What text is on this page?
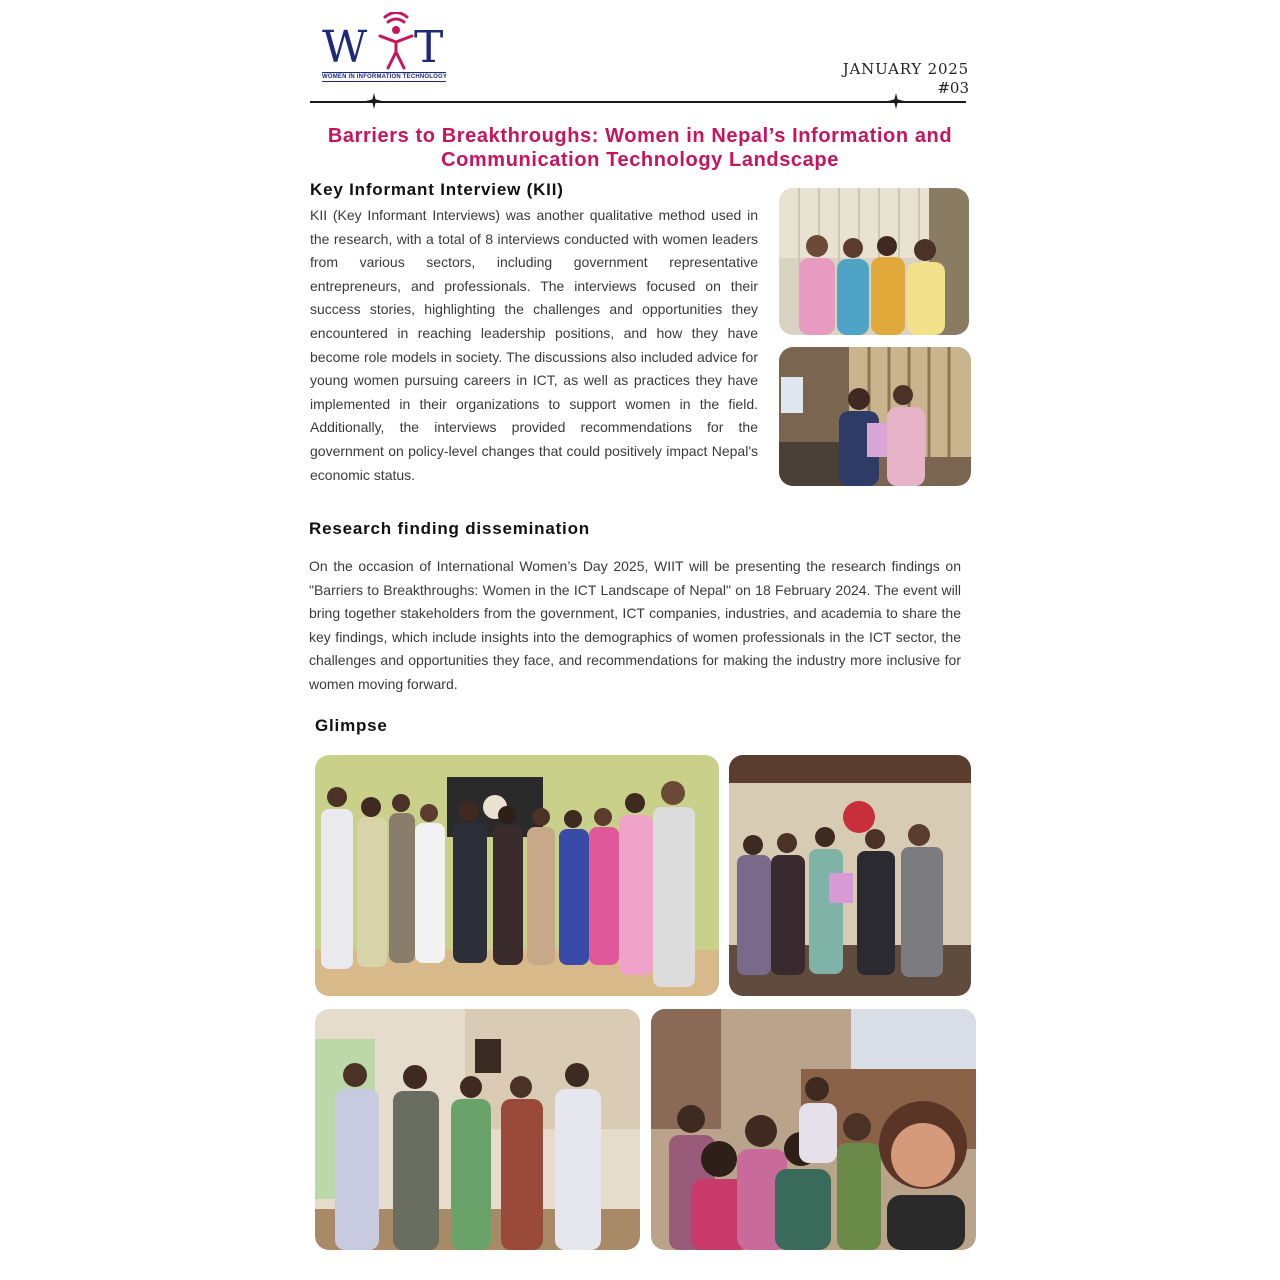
W T
WOMEN IN INFORMATION TECHNOLOGY	JANUARY 2025
#03
Barriers to Breakthroughs: Women in Nepal’s Information and Communication Technology Landscape
Key Informant Interview (KII)

KII (Key Informant Interviews) was another qualitative method used in the research, with a total of 8 interviews conducted with women leaders from various sectors, including government representative entrepreneurs, and professionals. The interviews focused on their success stories, highlighting the challenges and opportunities they encountered in reaching leadership positions, and how they have become role models in society. The discussions also included advice for young women pursuing careers in ICT, as well as practices they have implemented in their organizations to support women in the field. Additionally, the interviews provided recommendations for the government on policy-level changes that could positively impact Nepal's economic status.

Research finding dissemination

On the occasion of International Women’s Day 2025, WIIT will be presenting the research findings on "Barriers to Breakthroughs: Women in the ICT Landscape of Nepal" on 18 February 2024. The event will bring together stakeholders from the government, ICT companies, industries, and academia to share the key findings, which include insights into the demographics of women professionals in the ICT sector, the challenges and opportunities they face, and recommendations for making the industry more inclusive for women moving forward.

Glimpse
